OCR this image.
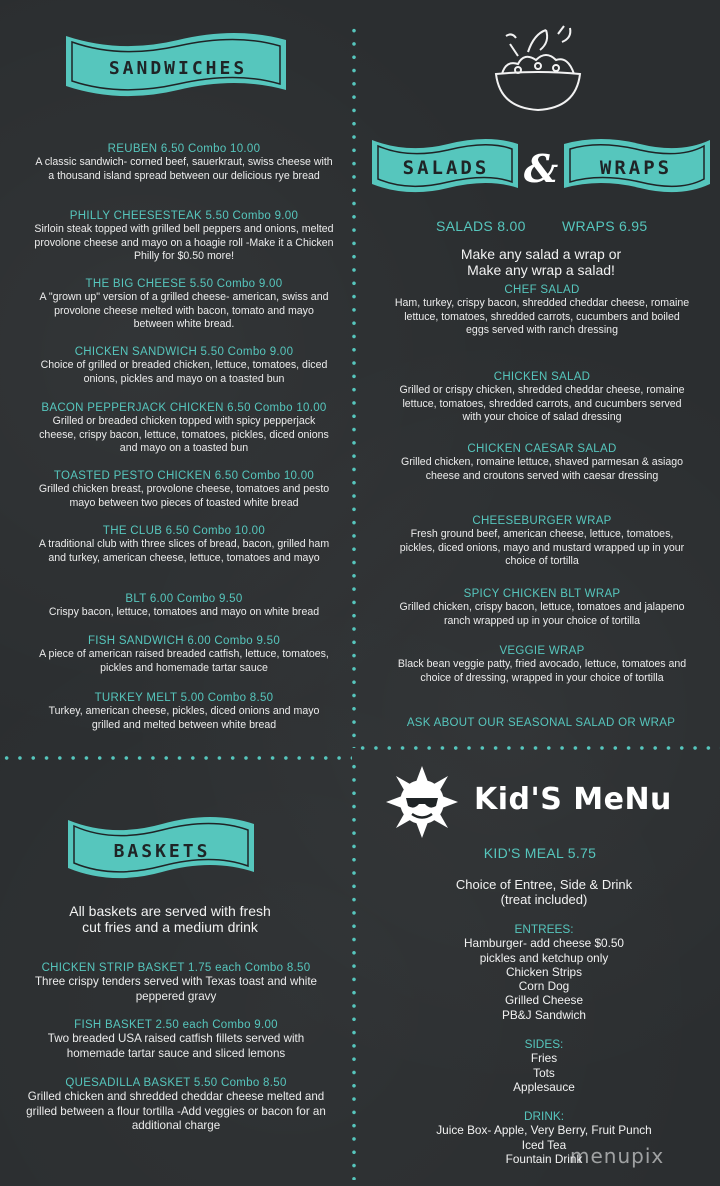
SANDWICHES
REUBEN 6.50 Combo 10.00
A classic sandwich- corned beef, sauerkraut, swiss cheese with a thousand island spread between our delicious rye bread
PHILLY CHEESESTEAK 5.50 Combo 9.00
Sirloin steak topped with grilled bell peppers and onions, melted provolone cheese and mayo on a hoagie roll -Make it a Chicken Philly for $0.50 more!
THE BIG CHEESE 5.50 Combo 9.00
A "grown up" version of a grilled cheese- american, swiss and provolone cheese melted with bacon, tomato and mayo between white bread.
CHICKEN SANDWICH 5.50 Combo 9.00
Choice of grilled or breaded chicken, lettuce, tomatoes, diced onions, pickles and mayo on a toasted bun
BACON PEPPERJACK CHICKEN 6.50 Combo 10.00
Grilled or breaded chicken topped with spicy pepperjack cheese, crispy bacon, lettuce, tomatoes, pickles, diced onions and mayo on a toasted bun
TOASTED PESTO CHICKEN 6.50 Combo 10.00
Grilled chicken breast, provolone cheese, tomatoes and pesto mayo between two pieces of toasted white bread
THE CLUB 6.50 Combo 10.00
A traditional club with three slices of bread, bacon, grilled ham and turkey, american cheese, lettuce, tomatoes and mayo
BLT 6.00 Combo 9.50
Crispy bacon, lettuce, tomatoes and mayo on white bread
FISH SANDWICH 6.00 Combo 9.50
A piece of american raised breaded catfish, lettuce, tomatoes, pickles and homemade tartar sauce
TURKEY MELT 5.00 Combo 8.50
Turkey, american cheese, pickles, diced onions and mayo grilled and melted between white bread
SALADS & WRAPS
SALADS 8.00	WRAPS 6.95
Make any salad a wrap or
Make any wrap a salad!
CHEF SALAD
Ham, turkey, crispy bacon, shredded cheddar cheese, romaine lettuce, tomatoes, shredded carrots, cucumbers and boiled eggs served with ranch dressing
CHICKEN SALAD
Grilled or crispy chicken, shredded cheddar cheese, romaine lettuce, tomatoes, shredded carrots, and cucumbers served with your choice of salad dressing
CHICKEN CAESAR SALAD
Grilled chicken, romaine lettuce, shaved parmesan & asiago cheese and croutons served with caesar dressing
CHEESEBURGER WRAP
Fresh ground beef, american cheese, lettuce, tomatoes, pickles, diced onions, mayo and mustard wrapped up in your choice of tortilla
SPICY CHICKEN BLT WRAP
Grilled chicken, crispy bacon, lettuce, tomatoes and jalapeno ranch wrapped up in your choice of tortilla
VEGGIE WRAP
Black bean veggie patty, fried avocado, lettuce, tomatoes and choice of dressing, wrapped in your choice of tortilla
ASK ABOUT OUR SEASONAL SALAD OR WRAP
BASKETS
All baskets are served with fresh
cut fries and a medium drink
CHICKEN STRIP BASKET 1.75 each Combo 8.50
Three crispy tenders served with Texas toast and white peppered gravy
FISH BASKET 2.50 each Combo 9.00
Two breaded USA raised catfish fillets served with homemade tartar sauce and sliced lemons
QUESADILLA BASKET 5.50 Combo 8.50
Grilled chicken and shredded cheddar cheese melted and grilled between a flour tortilla -Add veggies or bacon for an additional charge
Kid'S MeNu
KID'S MEAL 5.75
Choice of Entree, Side & Drink
(treat included)
ENTREES:
Hamburger- add cheese $0.50
pickles and ketchup only
Chicken Strips
Corn Dog
Grilled Cheese
PB&J Sandwich
SIDES:
Fries
Tots
Applesauce
DRINK:
Juice Box- Apple, Very Berry, Fruit Punch
Iced Tea
Fountain Drink
menupix
